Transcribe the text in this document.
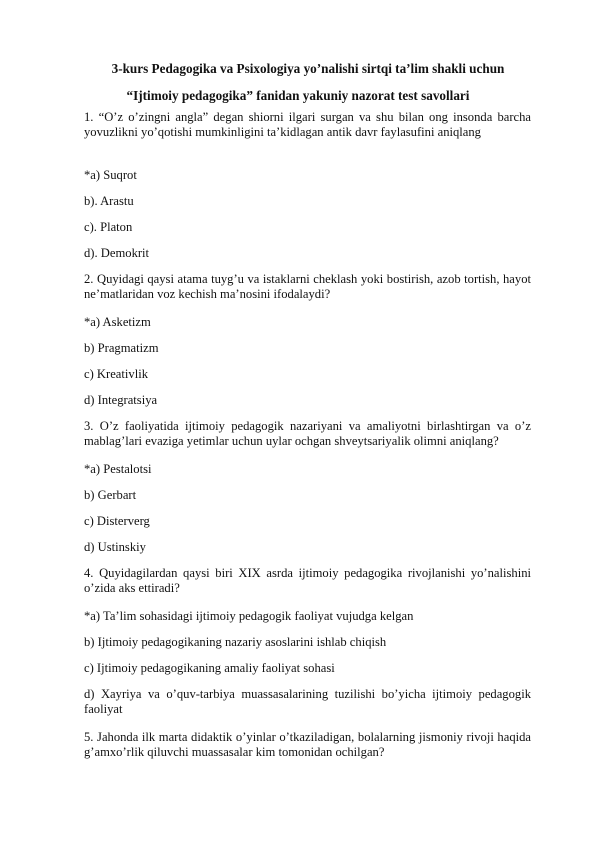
3-kurs Pedagogika va Psixologiya yo’nalishi sirtqi ta’lim shakli uchun
“Ijtimoiy pedagogika” fanidan yakuniy nazorat test savollari
1. “O’z o’zingni angla” degan shiorni ilgari surgan va shu bilan ong insonda barcha yovuzlikni yo’qotishi mumkinligini ta’kidlagan antik davr faylasufini aniqlang
*a) Suqrot
b). Arastu
c). Platon
d). Demokrit
2. Quyidagi qaysi atama tuyg’u va istaklarni cheklash yoki bostirish, azob tortish, hayot ne’matlaridan voz kechish ma’nosini ifodalaydi?
*a) Asketizm
b) Pragmatizm
c) Kreativlik
d) Integratsiya
3. O’z faoliyatida ijtimoiy pedagogik nazariyani va amaliyotni birlashtirgan va o’z mablag’lari evaziga yetimlar uchun uylar ochgan shveytsariyalik olimni aniqlang?
*a) Pestalotsi
b) Gerbart
c) Disterverg
d) Ustinskiy
4. Quyidagilardan qaysi biri XIX asrda ijtimoiy pedagogika rivojlanishi yo’nalishini o’zida aks ettiradi?
*a) Ta’lim sohasidagi ijtimoiy pedagogik faoliyat vujudga kelgan
b) Ijtimoiy pedagogikaning nazariy asoslarini ishlab chiqish
c) Ijtimoiy pedagogikaning amaliy faoliyat sohasi
d) Xayriya va o’quv-tarbiya muassasalarining tuzilishi bo’yicha ijtimoiy pedagogik faoliyat
5. Jahonda ilk marta didaktik o’yinlar o’tkaziladigan, bolalarning jismoniy rivoji haqida g’amxo’rlik qiluvchi muassasalar kim tomonidan ochilgan?
